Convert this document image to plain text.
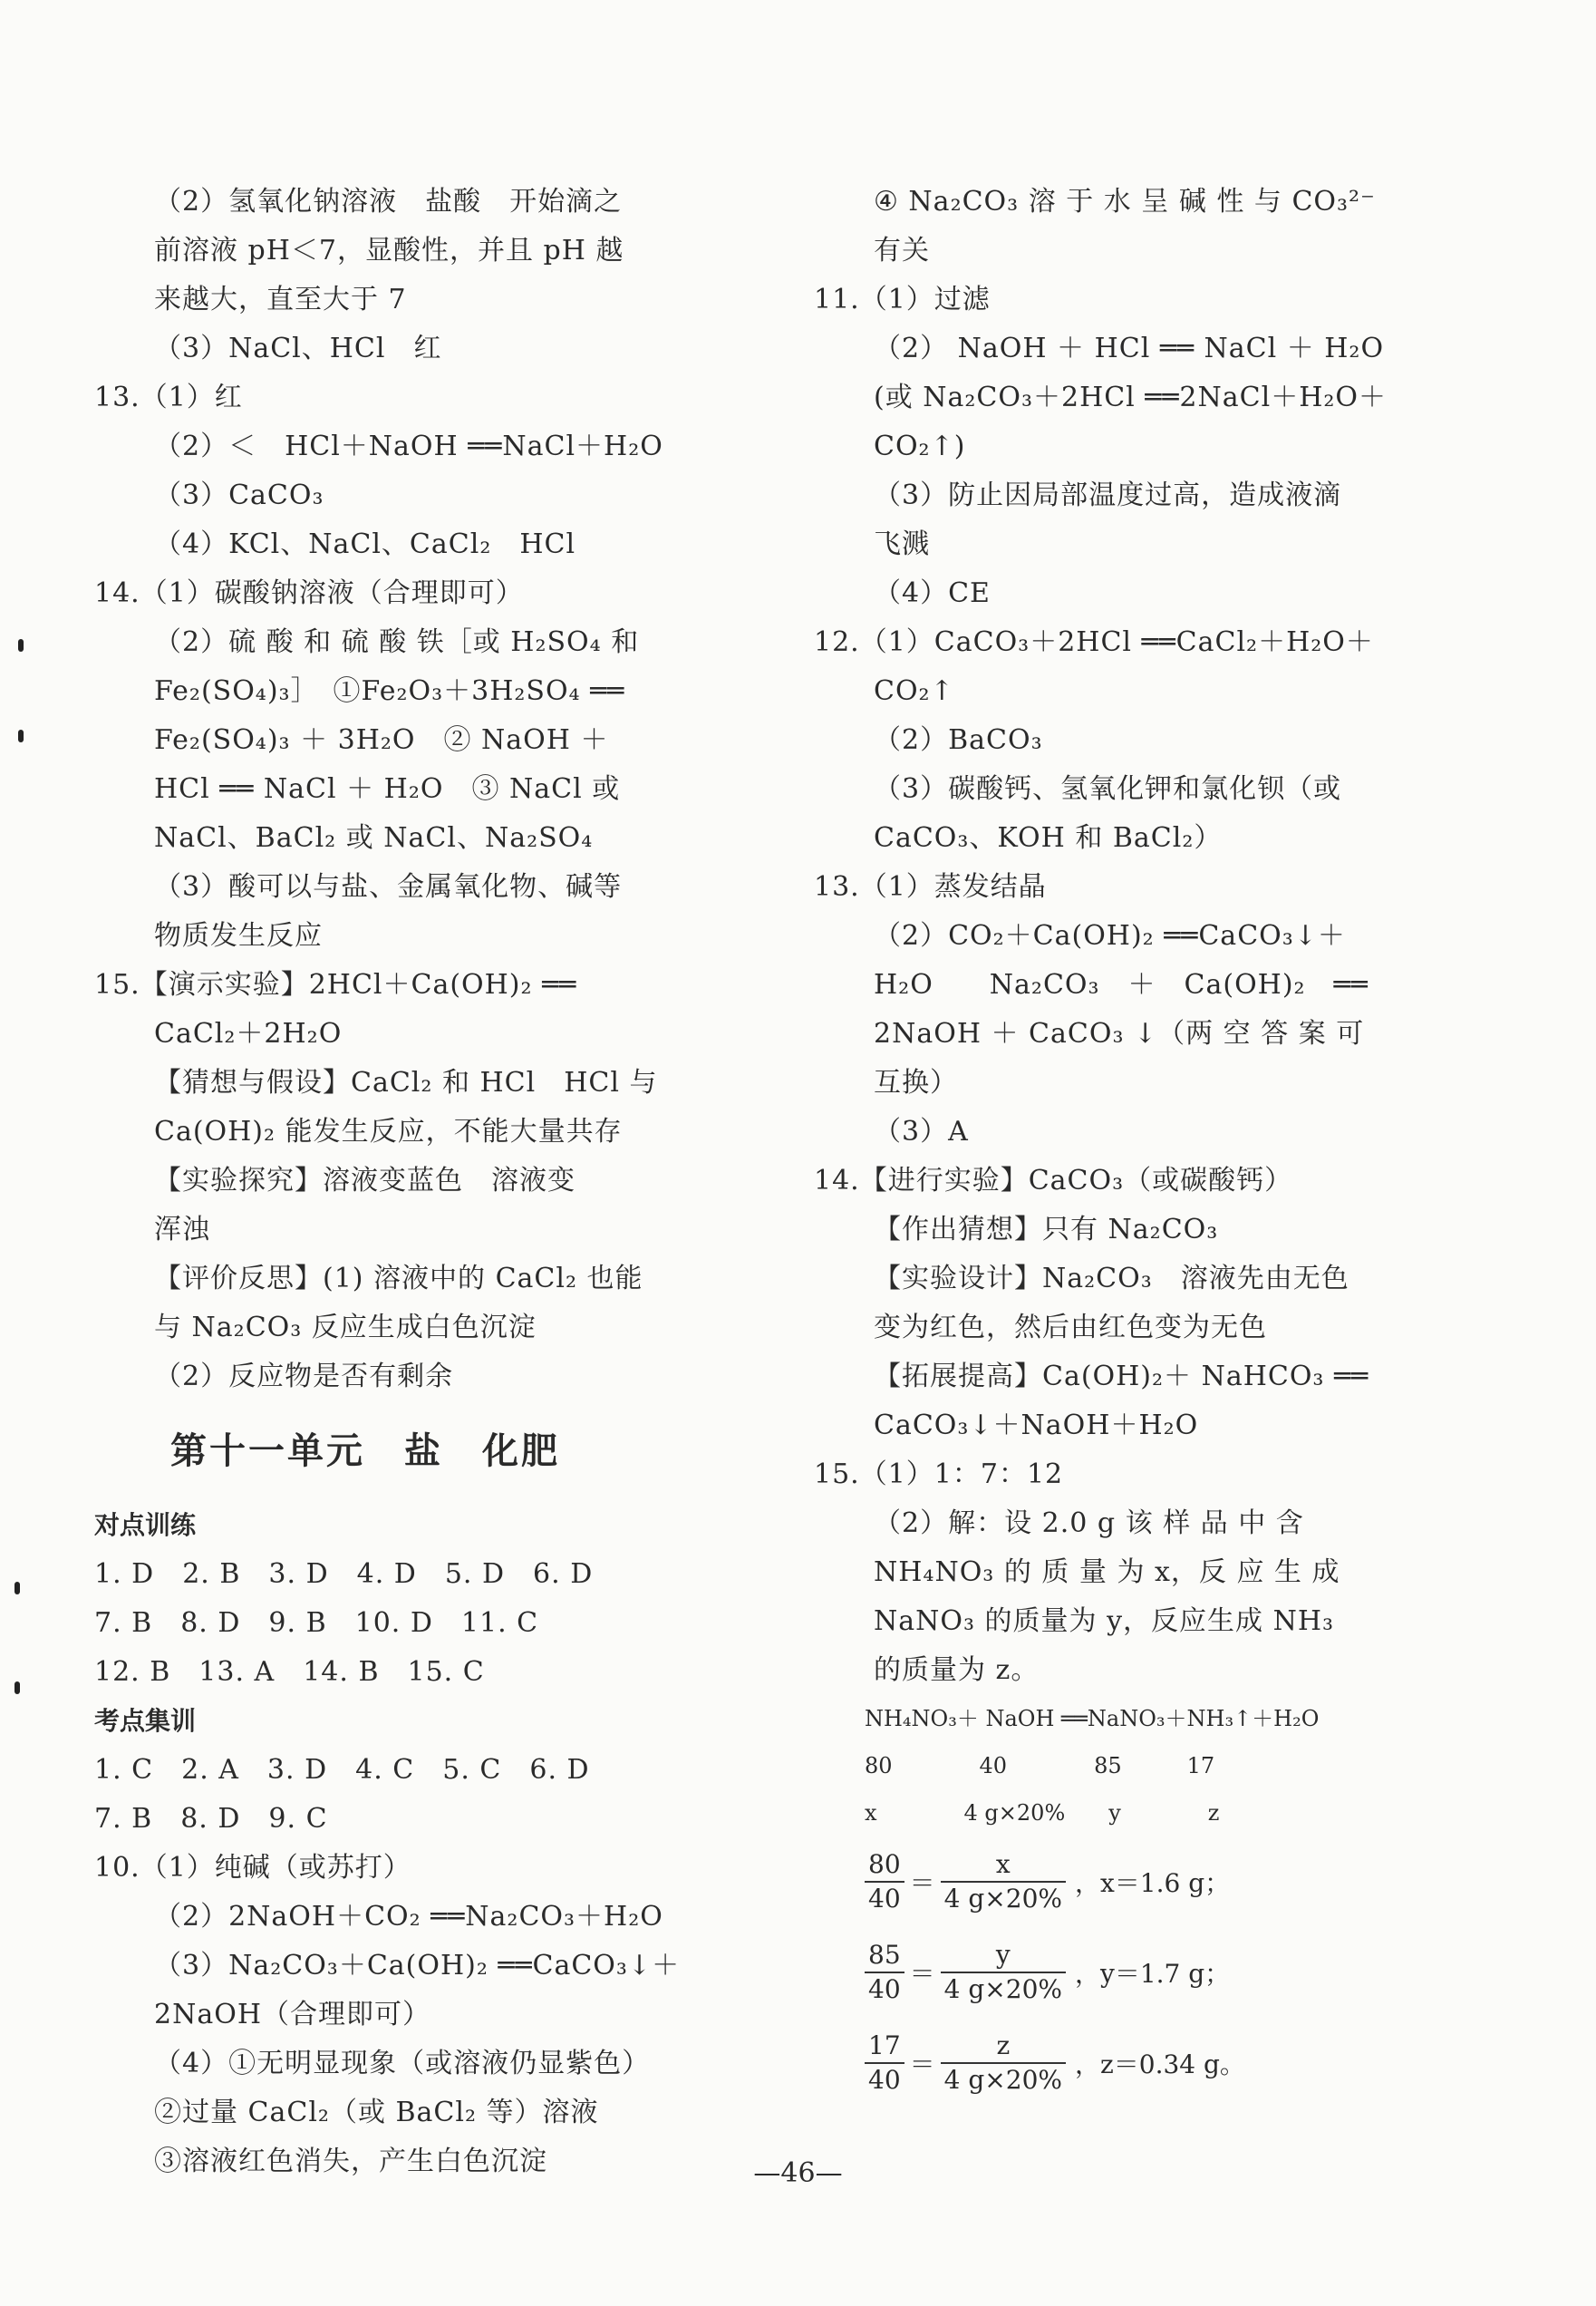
（2）氢氧化钠溶液　盐酸　开始滴之
前溶液 pH＜7，显酸性，并且 pH 越
来越大，直至大于 7
（3）NaCl、HCl　红
13.（1）红
（2）＜　HCl＋NaOH ══NaCl＋H₂O
（3）CaCO₃
（4）KCl、NaCl、CaCl₂　HCl
14.（1）碳酸钠溶液（合理即可）
（2）硫 酸 和 硫 酸 铁［或 H₂SO₄ 和
Fe₂(SO₄)₃］　①Fe₂O₃＋3H₂SO₄ ══
Fe₂(SO₄)₃ ＋ 3H₂O　② NaOH ＋
HCl ══ NaCl ＋ H₂O　③ NaCl 或
NaCl、BaCl₂ 或 NaCl、Na₂SO₄
（3）酸可以与盐、金属氧化物、碱等
物质发生反应
15.【演示实验】2HCl＋Ca(OH)₂ ══
CaCl₂＋2H₂O
【猜想与假设】CaCl₂ 和 HCl　HCl 与
Ca(OH)₂ 能发生反应，不能大量共存
【实验探究】溶液变蓝色　溶液变
浑浊
【评价反思】(1) 溶液中的 CaCl₂ 也能
与 Na₂CO₃ 反应生成白色沉淀
（2）反应物是否有剩余
第十一单元　盐　化肥
对点训练
1. D　2. B　3. D　4. D　5. D　6. D
7. B　8. D　9. B　10. D　11. C
12. B　13. A　14. B　15. C
考点集训
1. C　2. A　3. D　4. C　5. C　6. D
7. B　8. D　9. C
10.（1）纯碱（或苏打）
（2）2NaOH＋CO₂ ══Na₂CO₃＋H₂O
（3）Na₂CO₃＋Ca(OH)₂ ══CaCO₃↓＋
2NaOH（合理即可）
（4）①无明显现象（或溶液仍显紫色）
②过量 CaCl₂（或 BaCl₂ 等）溶液
③溶液红色消失，产生白色沉淀
④ Na₂CO₃ 溶 于 水 呈 碱 性 与 CO₃²⁻
有关
11.（1）过滤
（2） NaOH ＋ HCl ══ NaCl ＋ H₂O
(或 Na₂CO₃＋2HCl ══2NaCl＋H₂O＋
CO₂↑)
（3）防止因局部温度过高，造成液滴
飞溅
（4）CE
12.（1）CaCO₃＋2HCl ══CaCl₂＋H₂O＋
CO₂↑
（2）BaCO₃
（3）碳酸钙、氢氧化钾和氯化钡（或
CaCO₃、KOH 和 BaCl₂）
13.（1）蒸发结晶
（2）CO₂＋Ca(OH)₂ ══CaCO₃↓＋
H₂O　　Na₂CO₃　＋　Ca(OH)₂　══
2NaOH ＋ CaCO₃ ↓（两 空 答 案 可
互换）
（3）A
14.【进行实验】CaCO₃（或碳酸钙）
【作出猜想】只有 Na₂CO₃
【实验设计】Na₂CO₃　溶液先由无色
变为红色，然后由红色变为无色
【拓展提高】Ca(OH)₂＋ NaHCO₃ ══
CaCO₃↓＋NaOH＋H₂O
15.（1）1：7：12
（2）解：设 2.0 g 该 样 品 中 含
NH₄NO₃ 的 质 量 为 x，反 应 生 成
NaNO₃ 的质量为 y，反应生成 NH₃
的质量为 z。
NH₄NO₃＋ NaOH ══NaNO₃＋NH₃↑＋H₂O
80　　　　40　　　　85　　　17
x　　　　4 g×20%　　y　　　　z
$\frac{80}{40} = \frac{x}{4 g\times 20\%}$ ，x＝1.6 g；
$\frac{85}{40} = \frac{y}{4 g\times 20\%}$ ，y＝1.7 g；
$\frac{17}{40} = \frac{z}{4 g\times 20\%}$ ，z＝0.34 g。
—46—
